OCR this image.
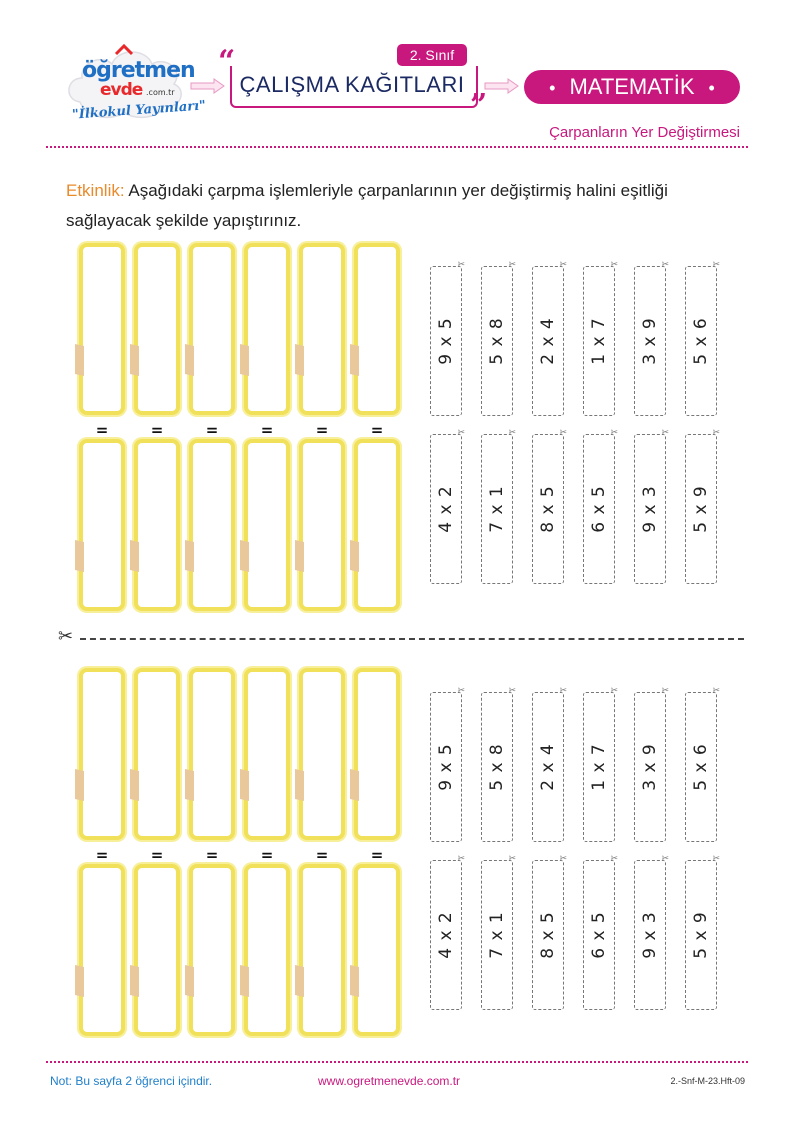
öğretmen
evde .com.tr
"İlkokul Yayınları"
“	2. Sınıf
ÇALIŞMA KAĞITLARI
”	• MATEMATİK •
Çarpanların Yer Değiştirmesi
Etkinlik: Aşağıdaki çarpma işlemleriyle çarpanlarının yer değiştirmiş halini eşitliği sağlayacak şekilde yapıştırınız.
=	=	=	=	=	=
=	=	=	=	=	=
✂
9 x 5
✂
5 x 8
✂
2 x 4
✂
1 x 7
✂
3 x 9
✂
5 x 6
✂
4 x 2
✂
7 x 1
✂
8 x 5
✂
6 x 5
✂
9 x 3
✂
5 x 9
✂
9 x 5
✂
5 x 8
✂
2 x 4
✂
1 x 7
✂
3 x 9
✂
5 x 6
✂
4 x 2
✂
7 x 1
✂
8 x 5
✂
6 x 5
✂
9 x 3
✂
5 x 9
✂
Not: Bu sayfa 2 öğrenci içindir.	www.ogretmenevde.com.tr	2.-Snf-M-23.Hft-09
